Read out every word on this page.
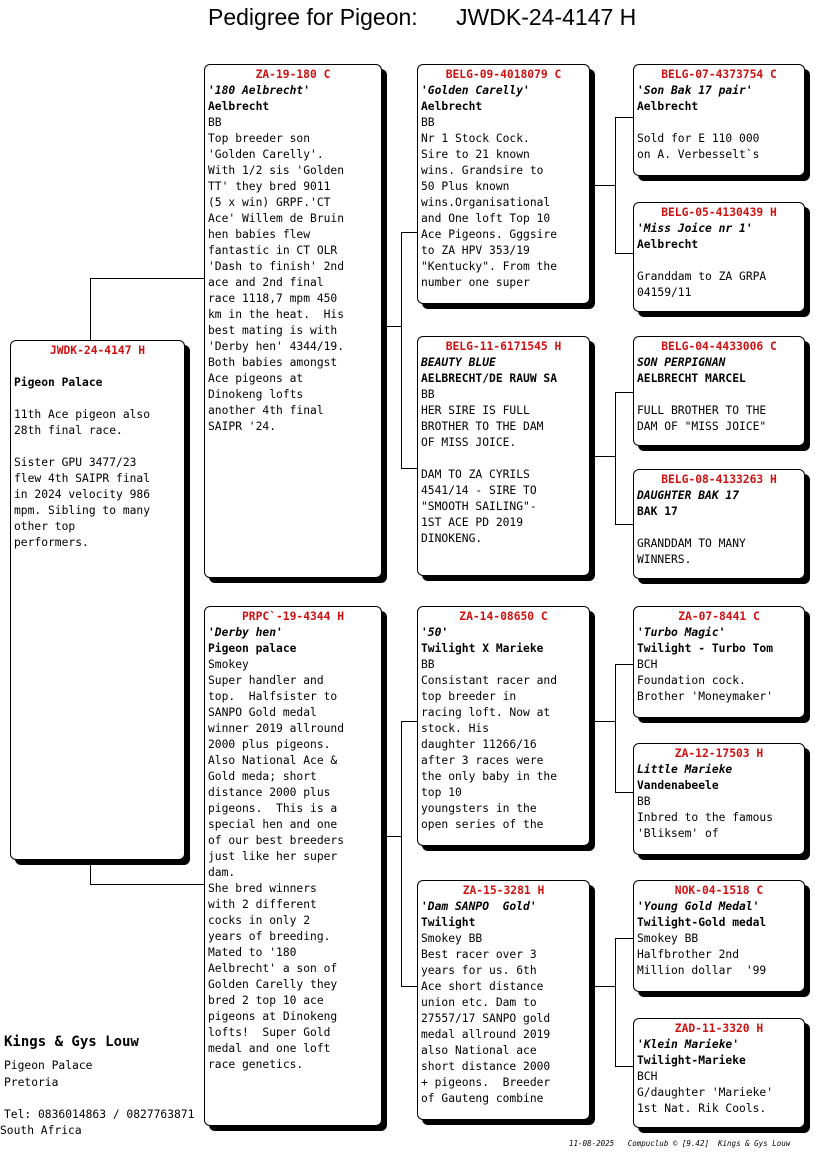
Pedigree for Pigeon: JWDK-24-4147 H
JWDK-24-4147 H
Pigeon Palace
11th Ace pigeon also
28th final race.

Sister GPU 3477/23
flew 4th SAIPR final
in 2024 velocity 986
mpm. Sibling to many
other top
performers.
ZA-19-180 C
'180 Aelbrecht'
Aelbrecht
BB
Top breeder son
'Golden Carelly'.
With 1/2 sis 'Golden
TT' they bred 9011
(5 x win) GRPF.'CT
Ace' Willem de Bruin
hen babies flew
fantastic in CT OLR
'Dash to finish' 2nd
ace and 2nd final
race 1118,7 mpm 450
km in the heat.  His
best mating is with
'Derby hen' 4344/19.
Both babies amongst
Ace pigeons at
Dinokeng lofts
another 4th final
SAIPR '24.
PRPC`-19-4344 H
'Derby hen'
Pigeon palace
Smokey
Super handler and
top.  Halfsister to
SANPO Gold medal
winner 2019 allround
2000 plus pigeons.
Also National Ace &
Gold meda; short
distance 2000 plus
pigeons.  This is a
special hen and one
of our best breeders
just like her super
dam.
She bred winners
with 2 different
cocks in only 2
years of breeding.
Mated to '180
Aelbrecht' a son of
Golden Carelly they
bred 2 top 10 ace
pigeons at Dinokeng
lofts!  Super Gold
medal and one loft
race genetics.
BELG-09-4018079 C
'Golden Carelly'
Aelbrecht
BB
Nr 1 Stock Cock.
Sire to 21 known
wins. Grandsire to
50 Plus known
wins.Organisational
and One loft Top 10
Ace Pigeons. Gggsire
to ZA HPV 353/19
"Kentucky". From the
number one super
BELG-11-6171545 H
BEAUTY BLUE
AELBRECHT/DE RAUW SA
BB
HER SIRE IS FULL
BROTHER TO THE DAM
OF MISS JOICE.

DAM TO ZA CYRILS
4541/14 - SIRE TO
"SMOOTH SAILING"-
1ST ACE PD 2019
DINOKENG.
ZA-14-08650 C
'50'
Twilight X Marieke
BB
Consistant racer and
top breeder in
racing loft. Now at
stock. His
daughter 11266/16
after 3 races were
the only baby in the
top 10
youngsters in the
open series of the
ZA-15-3281 H
'Dam SANPO  Gold'
Twilight
Smokey BB
Best racer over 3
years for us. 6th
Ace short distance
union etc. Dam to
27557/17 SANPO gold
medal allround 2019
also National ace
short distance 2000
+ pigeons.  Breeder
of Gauteng combine
BELG-07-4373754 C
'Son Bak 17 pair'
Aelbrecht
Sold for E 110 000
on A. Verbesselt`s
BELG-05-4130439 H
'Miss Joice nr 1'
Aelbrecht
Granddam to ZA GRPA
04159/11
BELG-04-4433006 C
SON PERPIGNAN
AELBRECHT MARCEL
FULL BROTHER TO THE
DAM OF "MISS JOICE"
BELG-08-4133263 H
DAUGHTER BAK 17
BAK 17
GRANDDAM TO MANY
WINNERS.
ZA-07-8441 C
'Turbo Magic'
Twilight - Turbo Tom
BCH
Foundation cock.
Brother 'Moneymaker'
ZA-12-17503 H
Little Marieke
Vandenabeele
BB
Inbred to the famous
'Bliksem' of
NOK-04-1518 C
'Young Gold Medal'
Twilight-Gold medal
Smokey BB
Halfbrother 2nd
Million dollar  '99
ZAD-11-3320 H
'Klein Marieke'
Twilight-Marieke
BCH
G/daughter 'Marieke'
1st Nat. Rik Cools.
Kings & Gys Louw
Pigeon Palace
Pretoria
Tel: 0836014863 / 0827763871
South Africa
11-08-2025   Compuclub © [9.42]  Kings & Gys Louw
